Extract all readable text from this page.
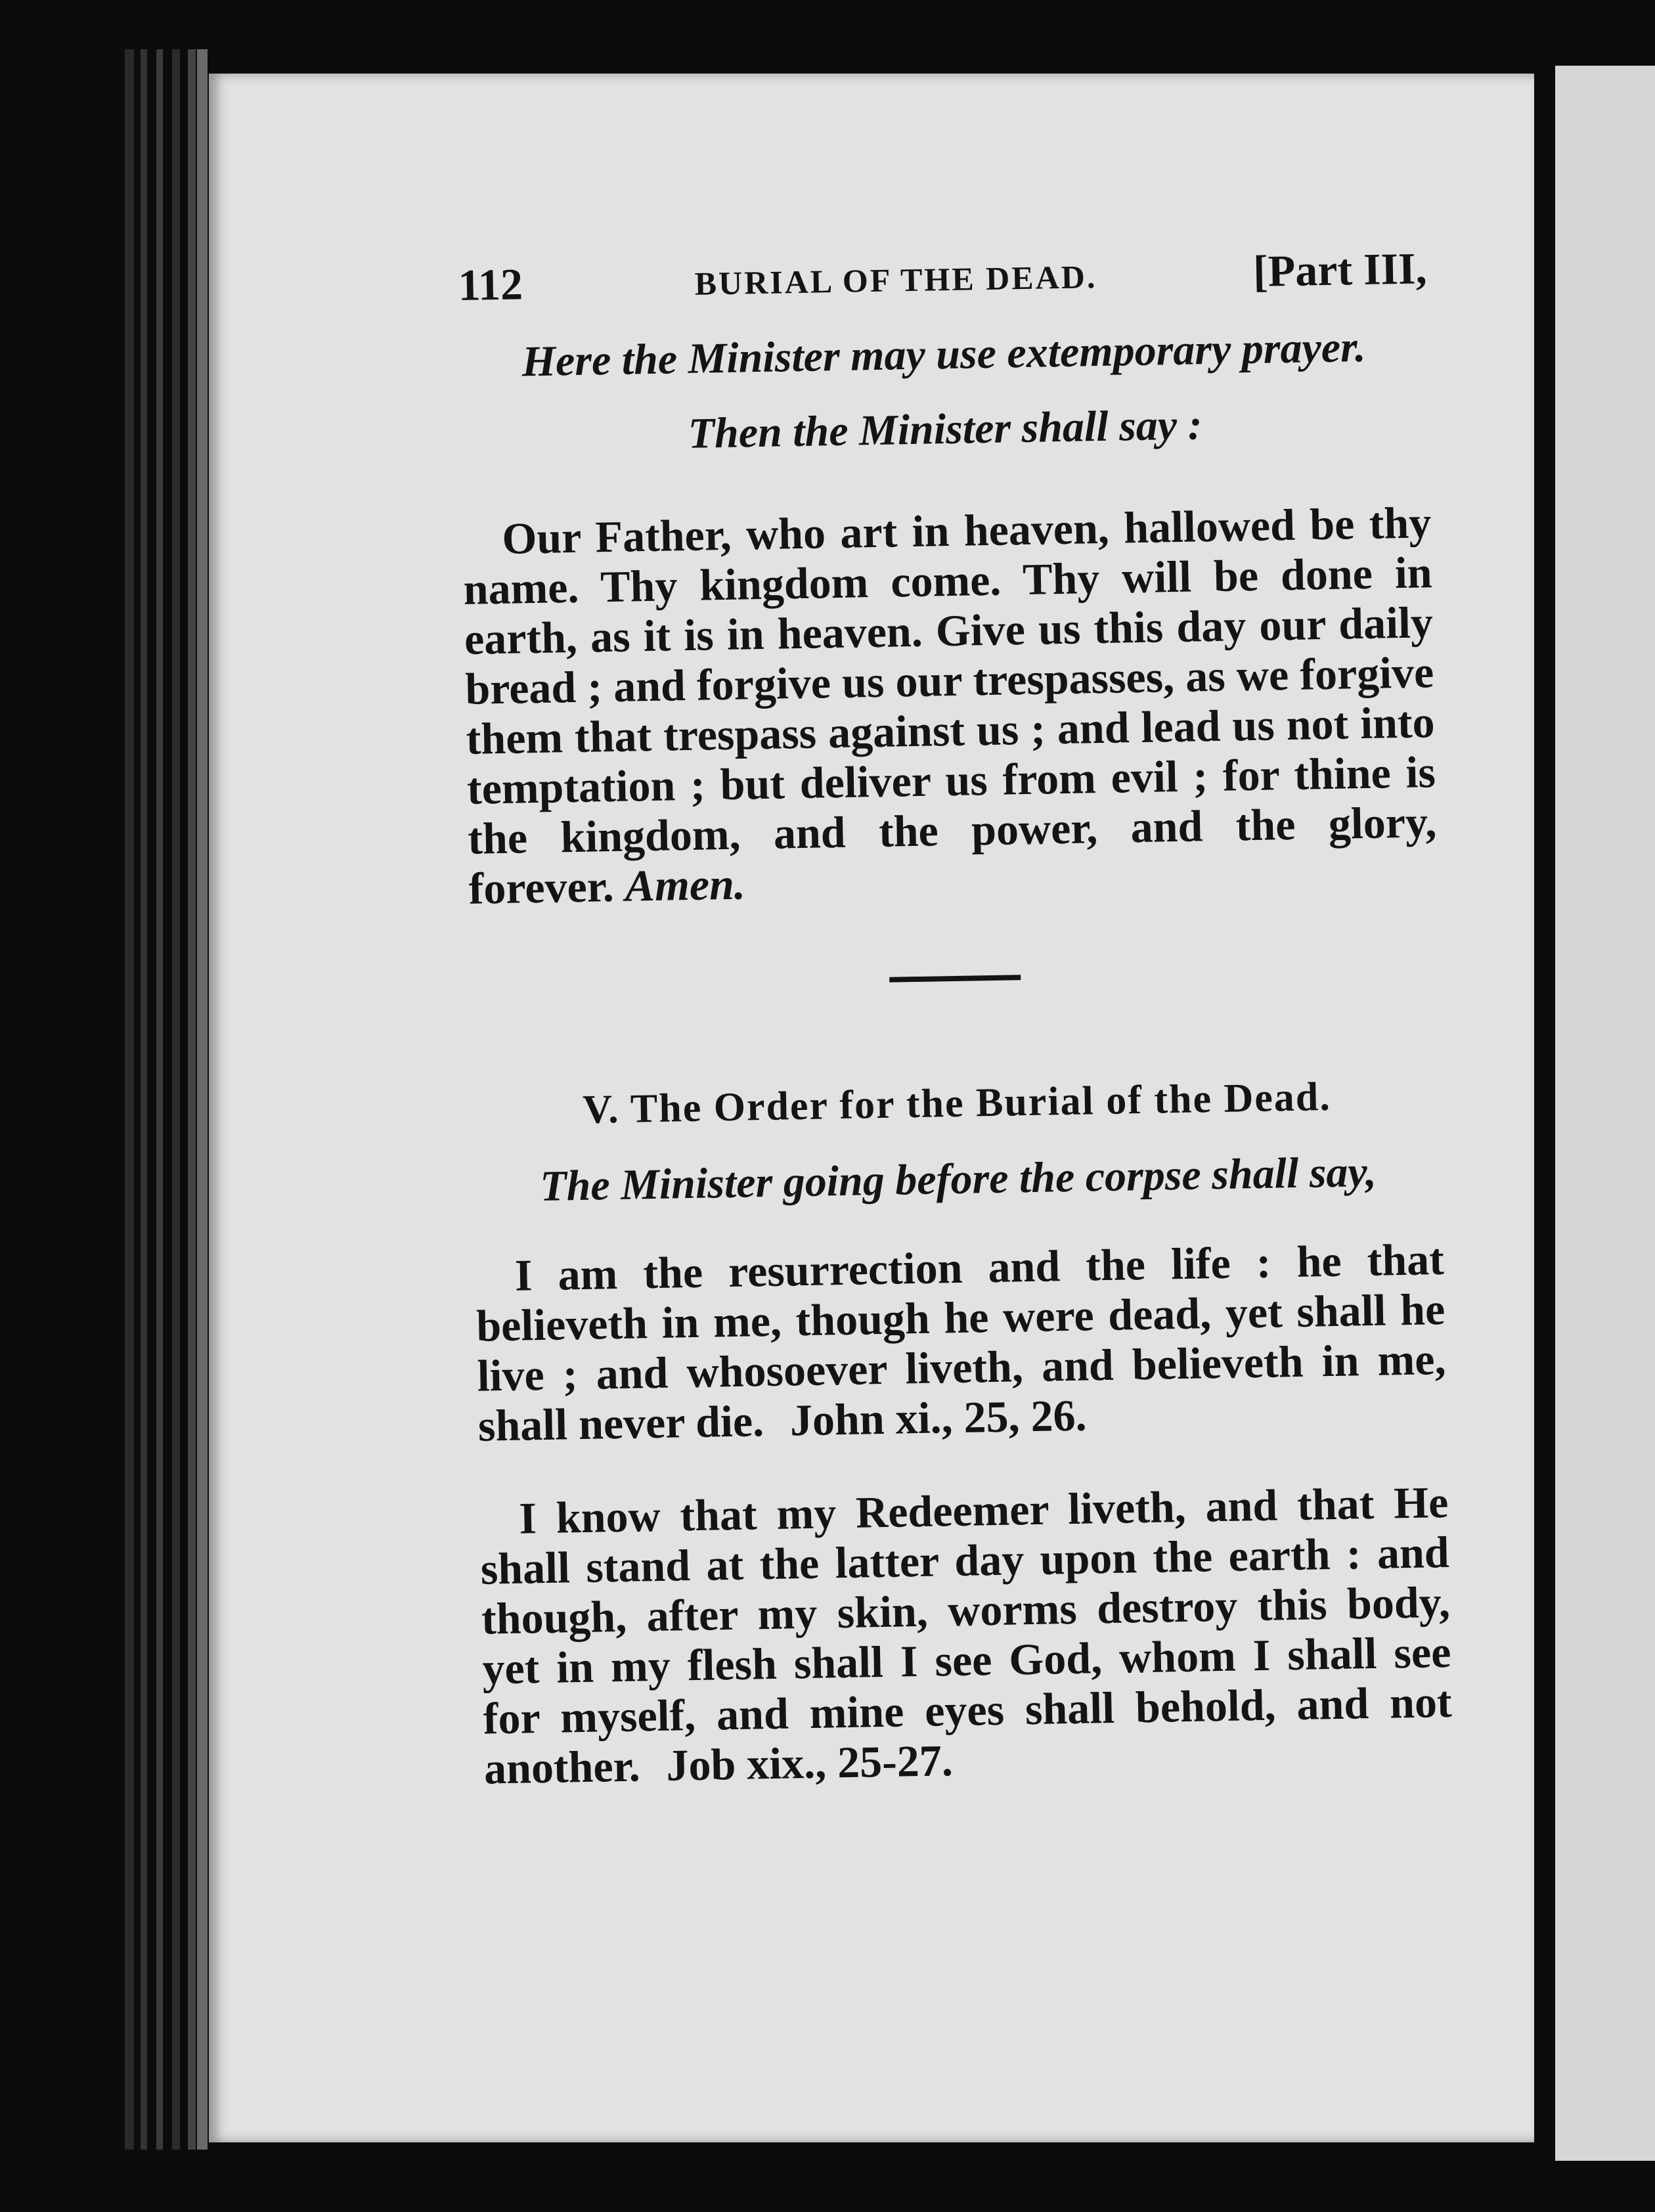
112	BURIAL OF THE DEAD.	[Part III,

Here the Minister may use extemporary prayer.

Then the Minister shall say :

Our Father, who art in heaven, hallowed be thy name. Thy kingdom come. Thy will be done in earth, as it is in heaven. Give us this day our daily bread ; and forgive us our trespasses, as we forgive them that trespass against us ; and lead us not into temptation ; but deliver us from evil ; for thine is the kingdom, and the power, and the glory, forever. Amen.

V. The Order for the Burial of the Dead.

The Minister going before the corpse shall say,

I am the resurrection and the life : he that believeth in me, though he were dead, yet shall he live ; and whosoever liveth, and believeth in me, shall never die. John xi., 25, 26.

I know that my Redeemer liveth, and that He shall stand at the latter day upon the earth : and though, after my skin, worms destroy this body, yet in my flesh shall I see God, whom I shall see for myself, and mine eyes shall behold, and not another. Job xix., 25-27.
